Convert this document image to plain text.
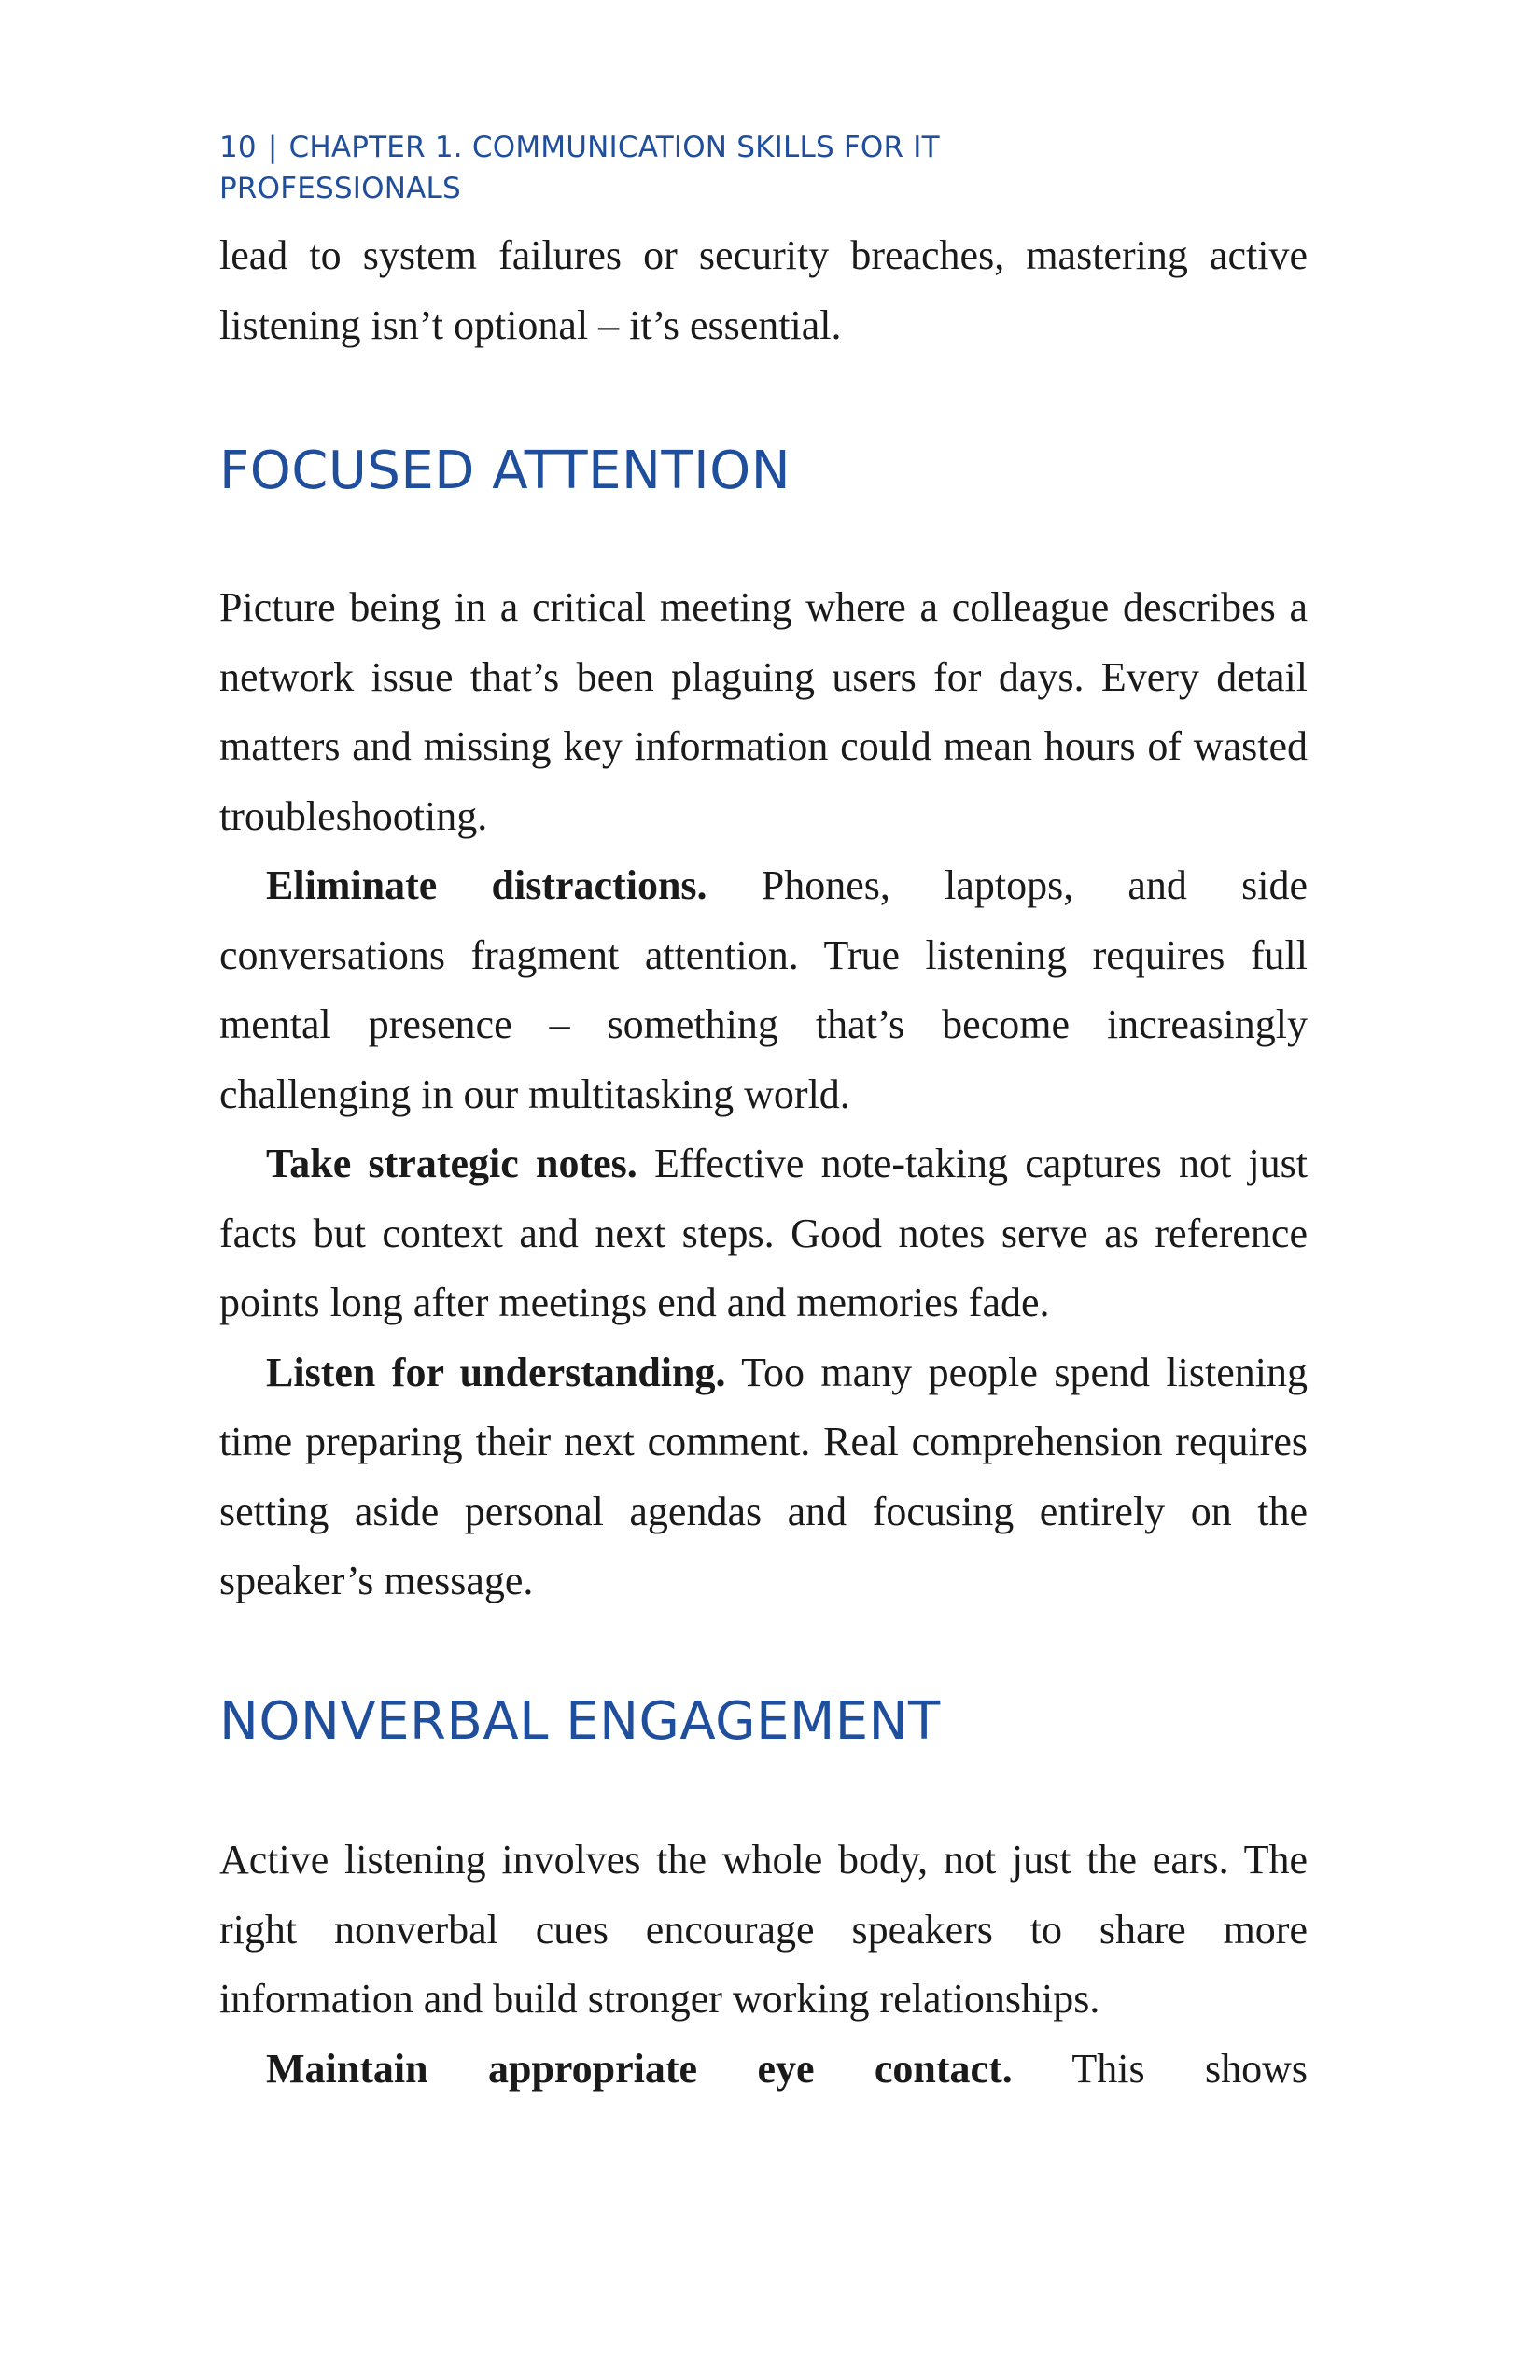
10 | CHAPTER 1. COMMUNICATION SKILLS FOR IT PROFESSIONALS

lead to system failures or security breaches, mastering active listening isn’t optional – it’s essential.

FOCUSED ATTENTION

Picture being in a critical meeting where a colleague describes a network issue that’s been plaguing users for days. Every detail matters and missing key information could mean hours of wasted troubleshooting.

Eliminate distractions. Phones, laptops, and side conversations fragment attention. True listening requires full mental presence – something that’s become increasingly challenging in our multitasking world.

Take strategic notes. Effective note-taking captures not just facts but context and next steps. Good notes serve as reference points long after meetings end and memories fade.

Listen for understanding. Too many people spend listening time preparing their next comment. Real comprehension requires setting aside personal agendas and focusing entirely on the speaker’s message.

NONVERBAL ENGAGEMENT

Active listening involves the whole body, not just the ears. The right nonverbal cues encourage speakers to share more information and build stronger working relationships.

Maintain appropriate eye contact. This shows
